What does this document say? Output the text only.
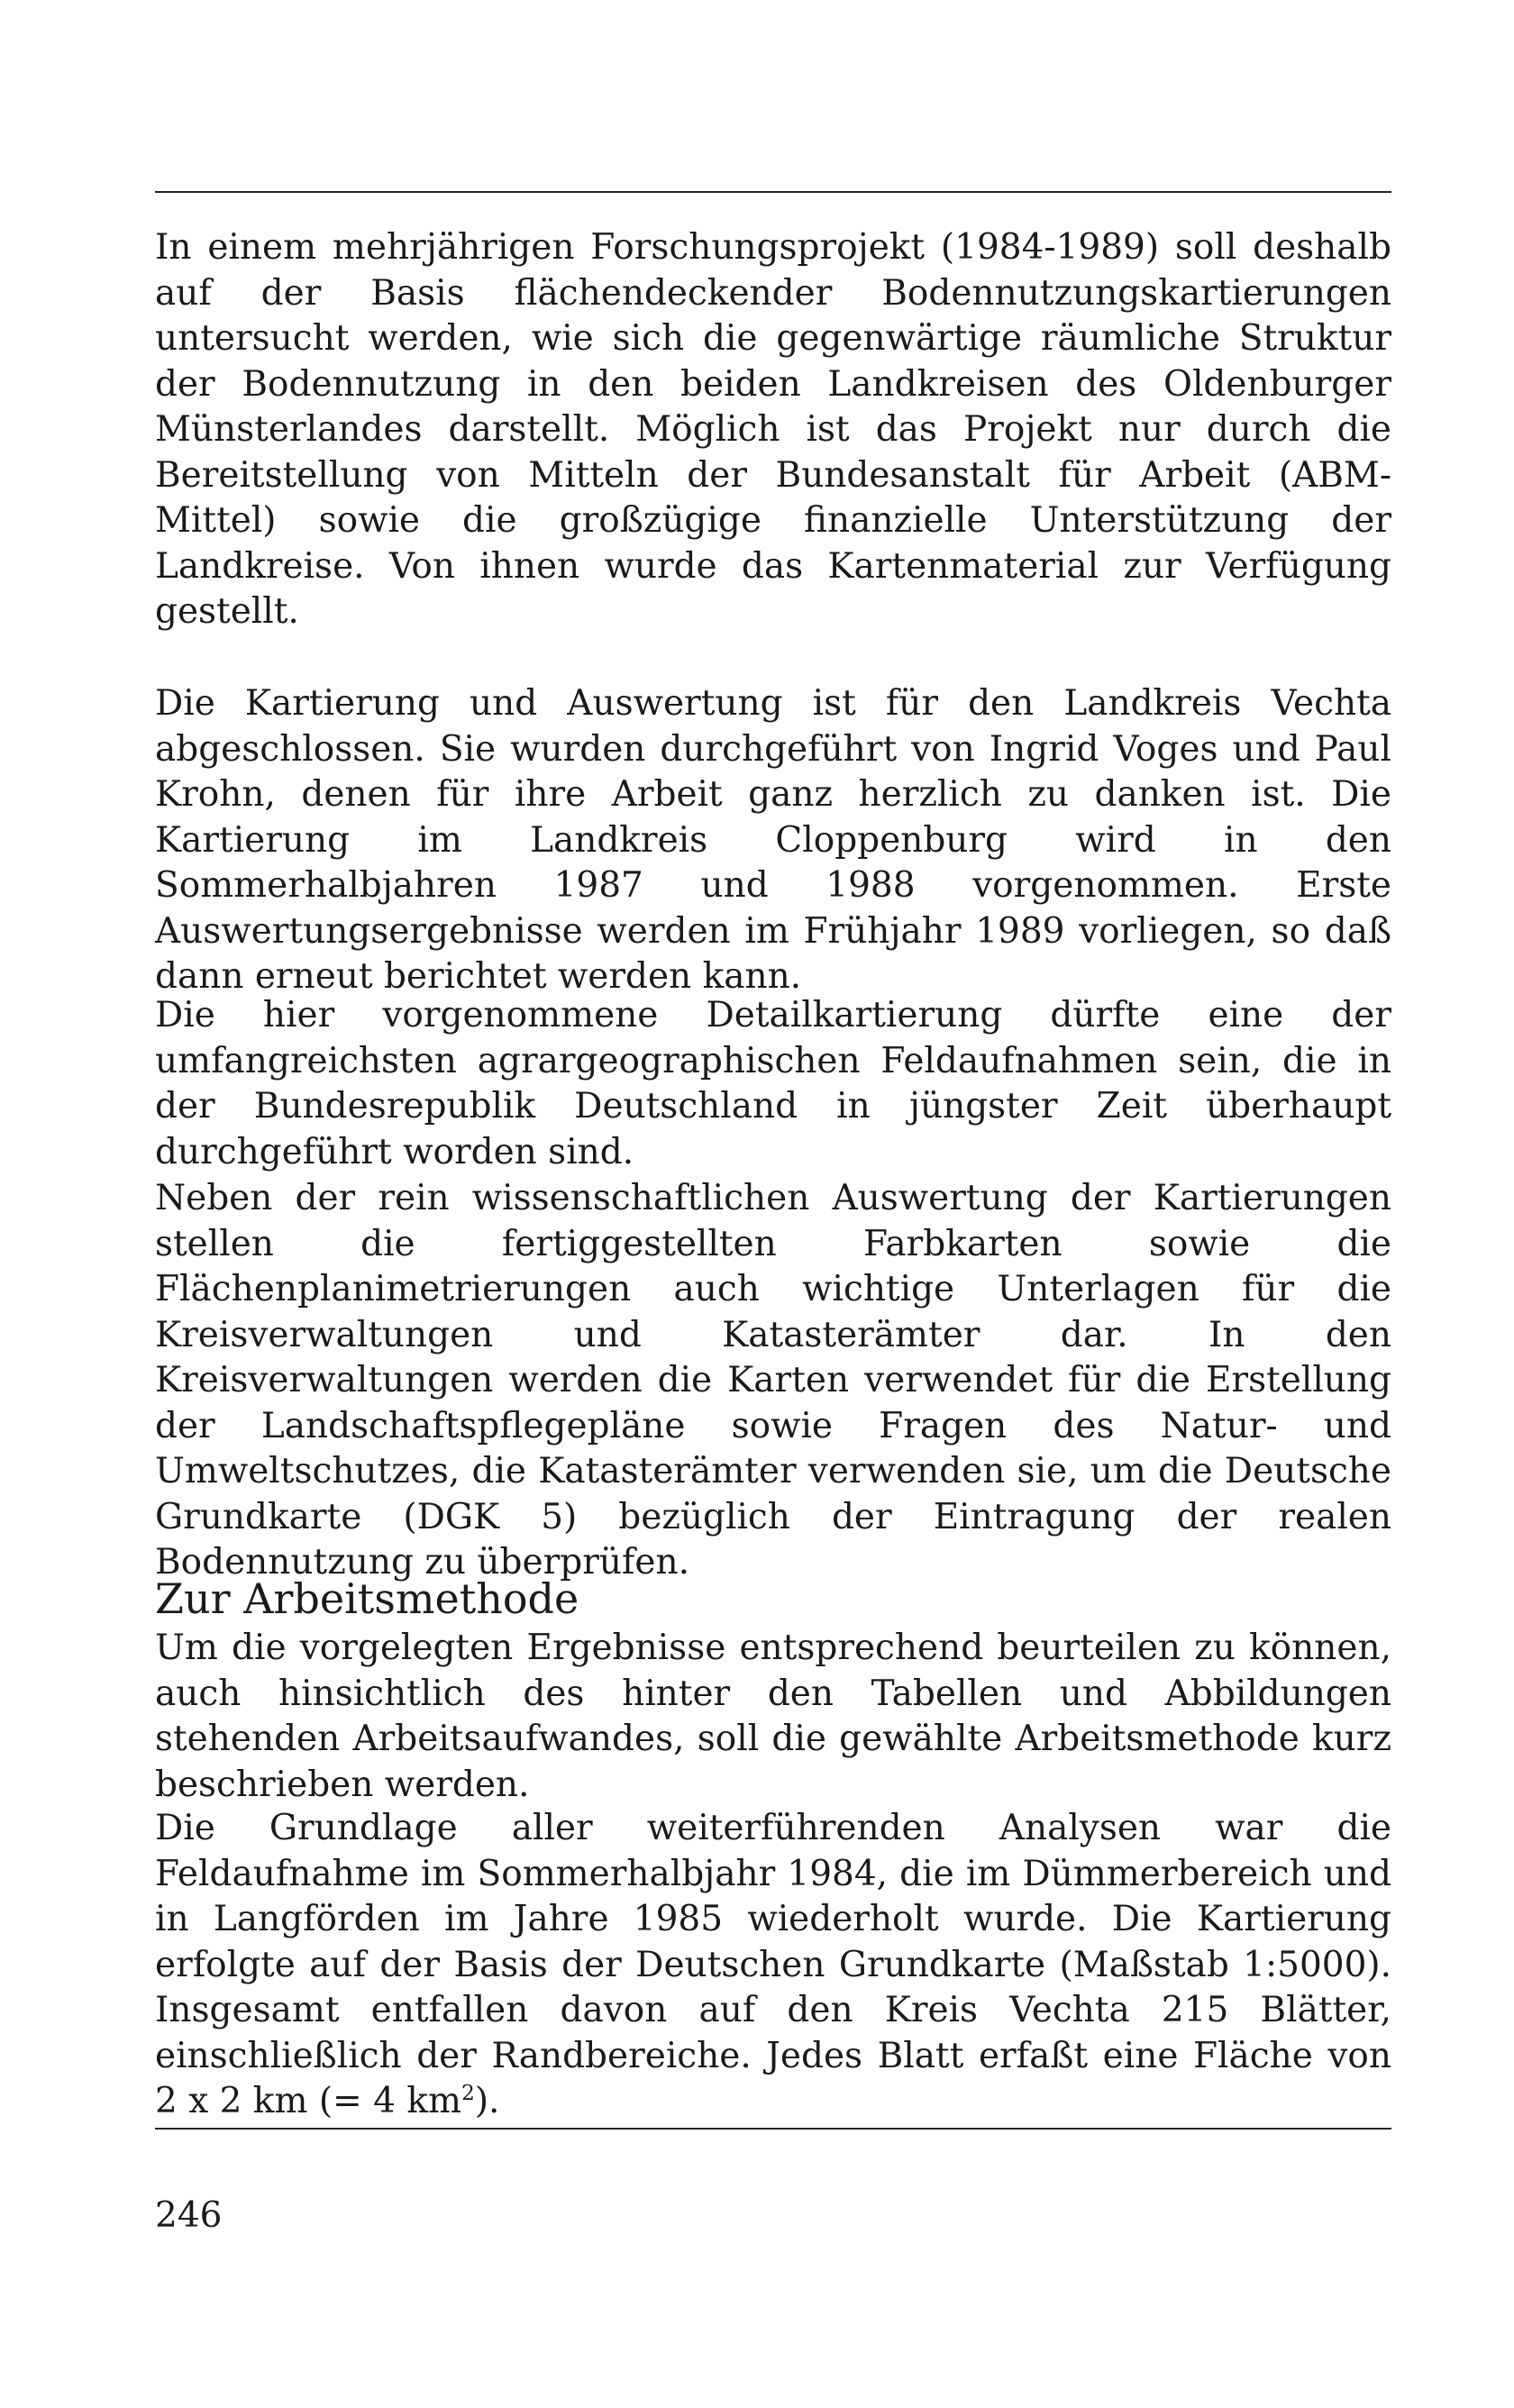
In einem mehrjährigen Forschungsprojekt (1984-1989) soll deshalb auf der Basis flächendeckender Bodennutzungskartierungen untersucht werden, wie sich die gegenwärtige räumliche Struktur der Bodennutzung in den beiden Landkreisen des Oldenburger Münsterlandes darstellt. Möglich ist das Projekt nur durch die Bereitstellung von Mitteln der Bundesanstalt für Arbeit (ABM-Mittel) sowie die großzügige finanzielle Unterstützung der Landkreise. Von ihnen wurde das Kartenmaterial zur Verfügung gestellt.

Die Kartierung und Auswertung ist für den Landkreis Vechta abgeschlossen. Sie wurden durchgeführt von Ingrid Voges und Paul Krohn, denen für ihre Arbeit ganz herzlich zu danken ist. Die Kartierung im Landkreis Cloppenburg wird in den Sommerhalbjahren 1987 und 1988 vorgenommen. Erste Auswertungsergebnisse werden im Frühjahr 1989 vorliegen, so daß dann erneut berichtet werden kann.

Die hier vorgenommene Detailkartierung dürfte eine der umfangreichsten agrargeographischen Feldaufnahmen sein, die in der Bundesrepublik Deutschland in jüngster Zeit überhaupt durchgeführt worden sind.

Neben der rein wissenschaftlichen Auswertung der Kartierungen stellen die fertiggestellten Farbkarten sowie die Flächenplanimetrierungen auch wichtige Unterlagen für die Kreisverwaltungen und Katasterämter dar. In den Kreisverwaltungen werden die Karten verwendet für die Erstellung der Landschaftspflegepläne sowie Fragen des Natur- und Umweltschutzes, die Katasterämter verwenden sie, um die Deutsche Grundkarte (DGK 5) bezüglich der Eintragung der realen Bodennutzung zu überprüfen.

Zur Arbeitsmethode

Um die vorgelegten Ergebnisse entsprechend beurteilen zu können, auch hinsichtlich des hinter den Tabellen und Abbildungen stehenden Arbeitsaufwandes, soll die gewählte Arbeitsmethode kurz beschrieben werden.

Die Grundlage aller weiterführenden Analysen war die Feldaufnahme im Sommerhalbjahr 1984, die im Dümmerbereich und in Langförden im Jahre 1985 wiederholt wurde. Die Kartierung erfolgte auf der Basis der Deutschen Grundkarte (Maßstab 1:5000). Insgesamt entfallen davon auf den Kreis Vechta 215 Blätter, einschließlich der Randbereiche. Jedes Blatt erfaßt eine Fläche von 2 x 2 km (= 4 $km^2$).

246
